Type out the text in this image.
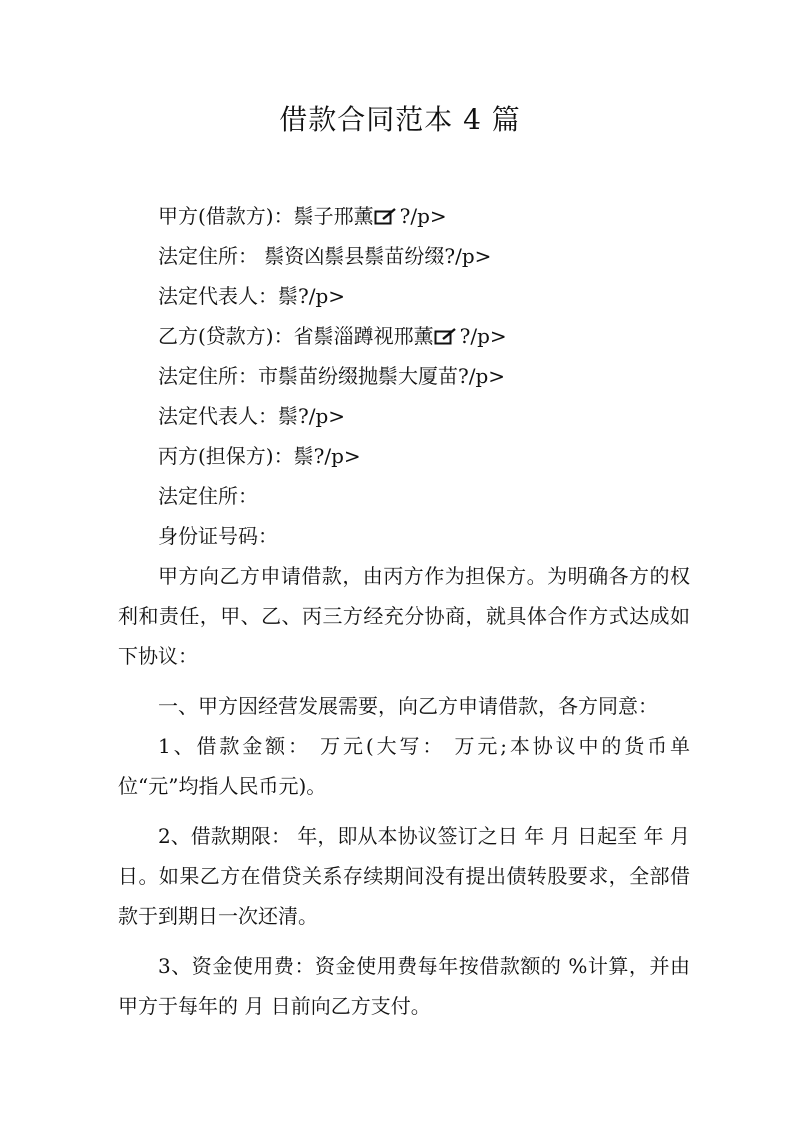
借款合同范本 4 篇
甲方(借款方)：鬃子邢薰 ?/p>
法定住所： 鬃资凶鬃县鬃苗纷缀?/p>
法定代表人：鬃?/p>
乙方(贷款方)：省鬃淄蹲视邢薰 ?/p>
法定住所：市鬃苗纷缀抛鬃大厦苗?/p>
法定代表人：鬃?/p>
丙方(担保方)：鬃?/p>
法定住所：
身份证号码：
甲方向乙方申请借款，由丙方作为担保方。为明确各方的权利和责任，甲、乙、丙三方经充分协商，就具体合作方式达成如下协议：
一、甲方因经营发展需要，向乙方申请借款，各方同意：
1、借款金额： 万元(大写： 万元;本协议中的货币单位“元”均指人民币元)。
2、借款期限： 年，即从本协议签订之日 年 月 日起至 年 月 日。如果乙方在借贷关系存续期间没有提出债转股要求，全部借款于到期日一次还清。
3、资金使用费：资金使用费每年按借款额的 %计算，并由甲方于每年的 月 日前向乙方支付。
